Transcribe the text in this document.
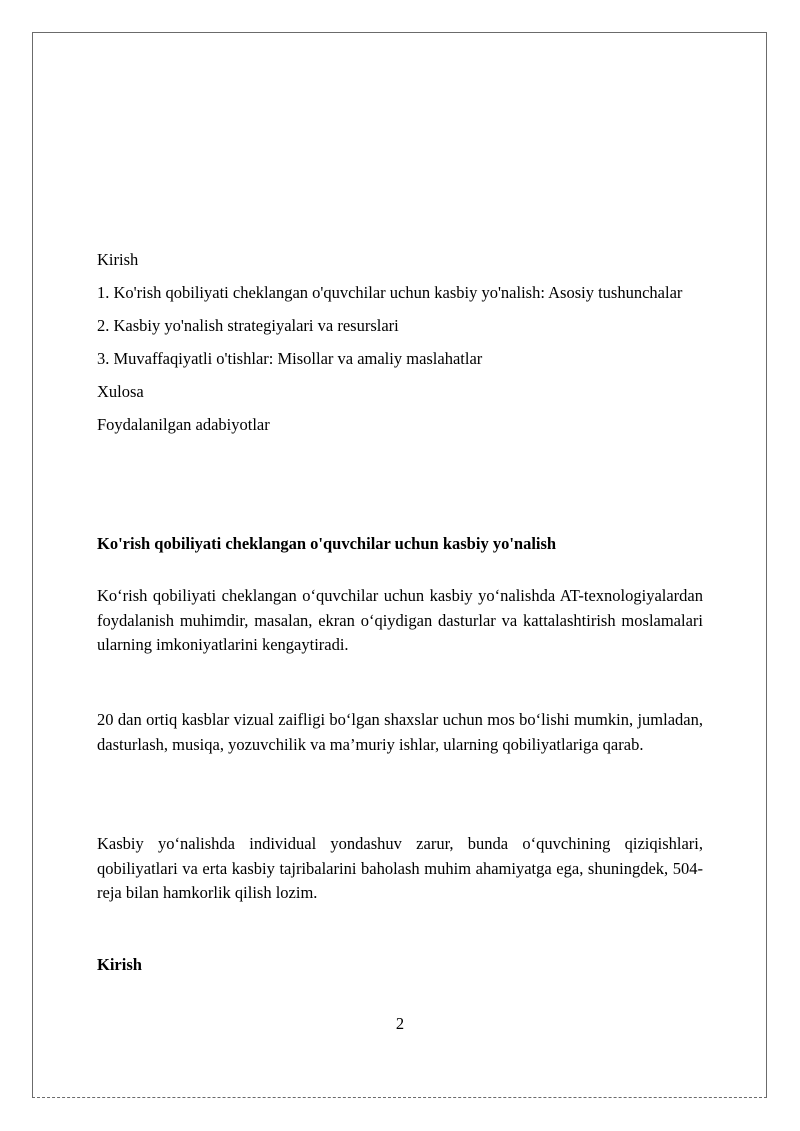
Kirish

1. Ko'rish qobiliyati cheklangan o'quvchilar uchun kasbiy yo'nalish: Asosiy tushunchalar

2. Kasbiy yo'nalish strategiyalari va resurslari

3. Muvaffaqiyatli o'tishlar: Misollar va amaliy maslahatlar

Xulosa

Foydalanilgan adabiyotlar

Ko'rish qobiliyati cheklangan o'quvchilar uchun kasbiy yo'nalish

Ko‘rish qobiliyati cheklangan o‘quvchilar uchun kasbiy yo‘nalishda AT-texnologiyalardan foydalanish muhimdir, masalan, ekran o‘qiydigan dasturlar va kattalashtirish moslamalari ularning imkoniyatlarini kengaytiradi.

20 dan ortiq kasblar vizual zaifligi bo‘lgan shaxslar uchun mos bo‘lishi mumkin, jumladan, dasturlash, musiqa, yozuvchilik va ma’muriy ishlar, ularning qobiliyatlariga qarab.

Kasbiy yo‘nalishda individual yondashuv zarur, bunda o‘quvchining qiziqishlari, qobiliyatlari va erta kasbiy tajribalarini baholash muhim ahamiyatga ega, shuningdek, 504-reja bilan hamkorlik qilish lozim.

Kirish

2
